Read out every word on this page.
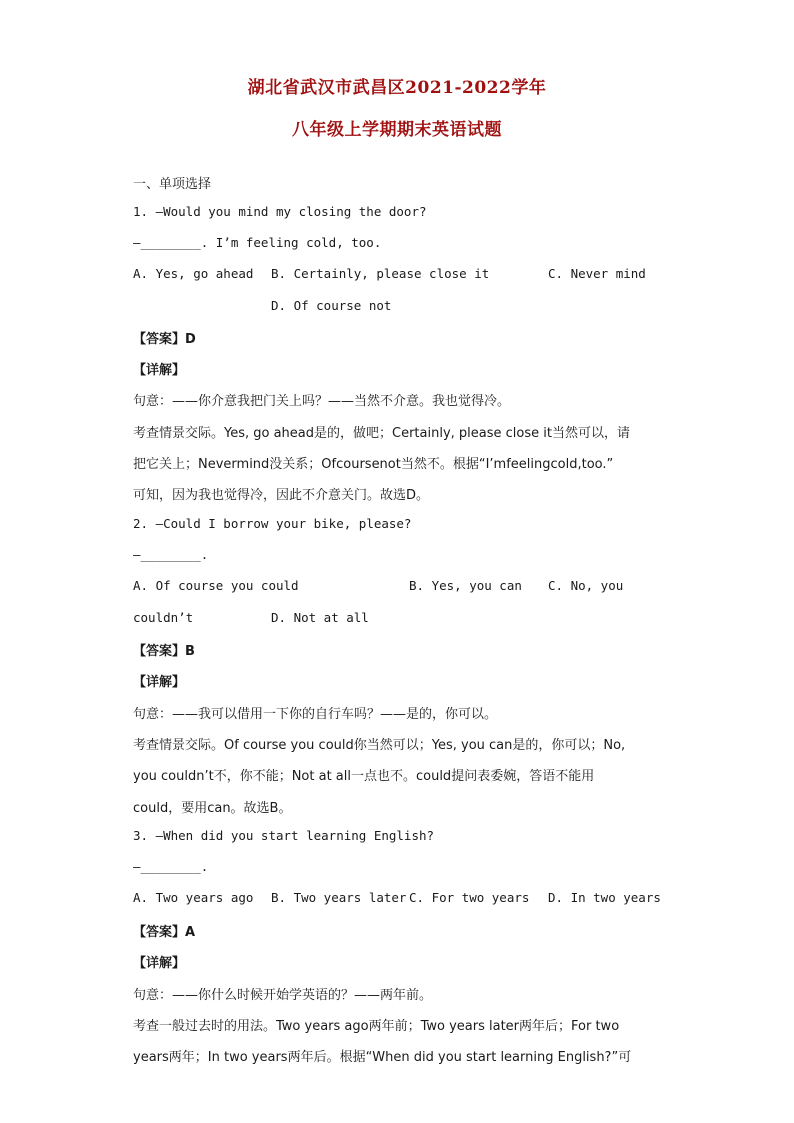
湖北省武汉市武昌区2021-2022学年
八年级上学期期末英语试题
一、单项选择
1. —Would you mind my closing the door?
—________. I’m feeling cold, too.
A. Yes, go ahead B. Certainly, please close it	C. Never mind
D. Of course not
【答案】D
【详解】
句意：——你介意我把门关上吗？——当然不介意。我也觉得冷。
考查情景交际。Yes, go ahead是的，做吧；Certainly, please close it当然可以，请
把它关上；Nevermind没关系；Ofcoursenot当然不。根据“I’mfeelingcold,too.”
可知，因为我也觉得冷，因此不介意关门。故选D。
2. —Could I borrow your bike, please?
—________.
A. Of course you could	B. Yes, you can C. No, you
couldn’t	D. Not at all
【答案】B
【详解】
句意：——我可以借用一下你的自行车吗？——是的，你可以。
考查情景交际。Of course you could你当然可以；Yes, you can是的，你可以；No,
you couldn’t不，你不能；Not at all一点也不。could提问表委婉，答语不能用
could，要用can。故选B。
3. —When did you start learning English?
—________.
A. Two years ago B. Two years later C. For two years D. In two years
【答案】A
【详解】
句意：——你什么时候开始学英语的？——两年前。
考查一般过去时的用法。Two years ago两年前；Two years later两年后；For two
years两年；In two years两年后。根据“When did you start learning English?”可
